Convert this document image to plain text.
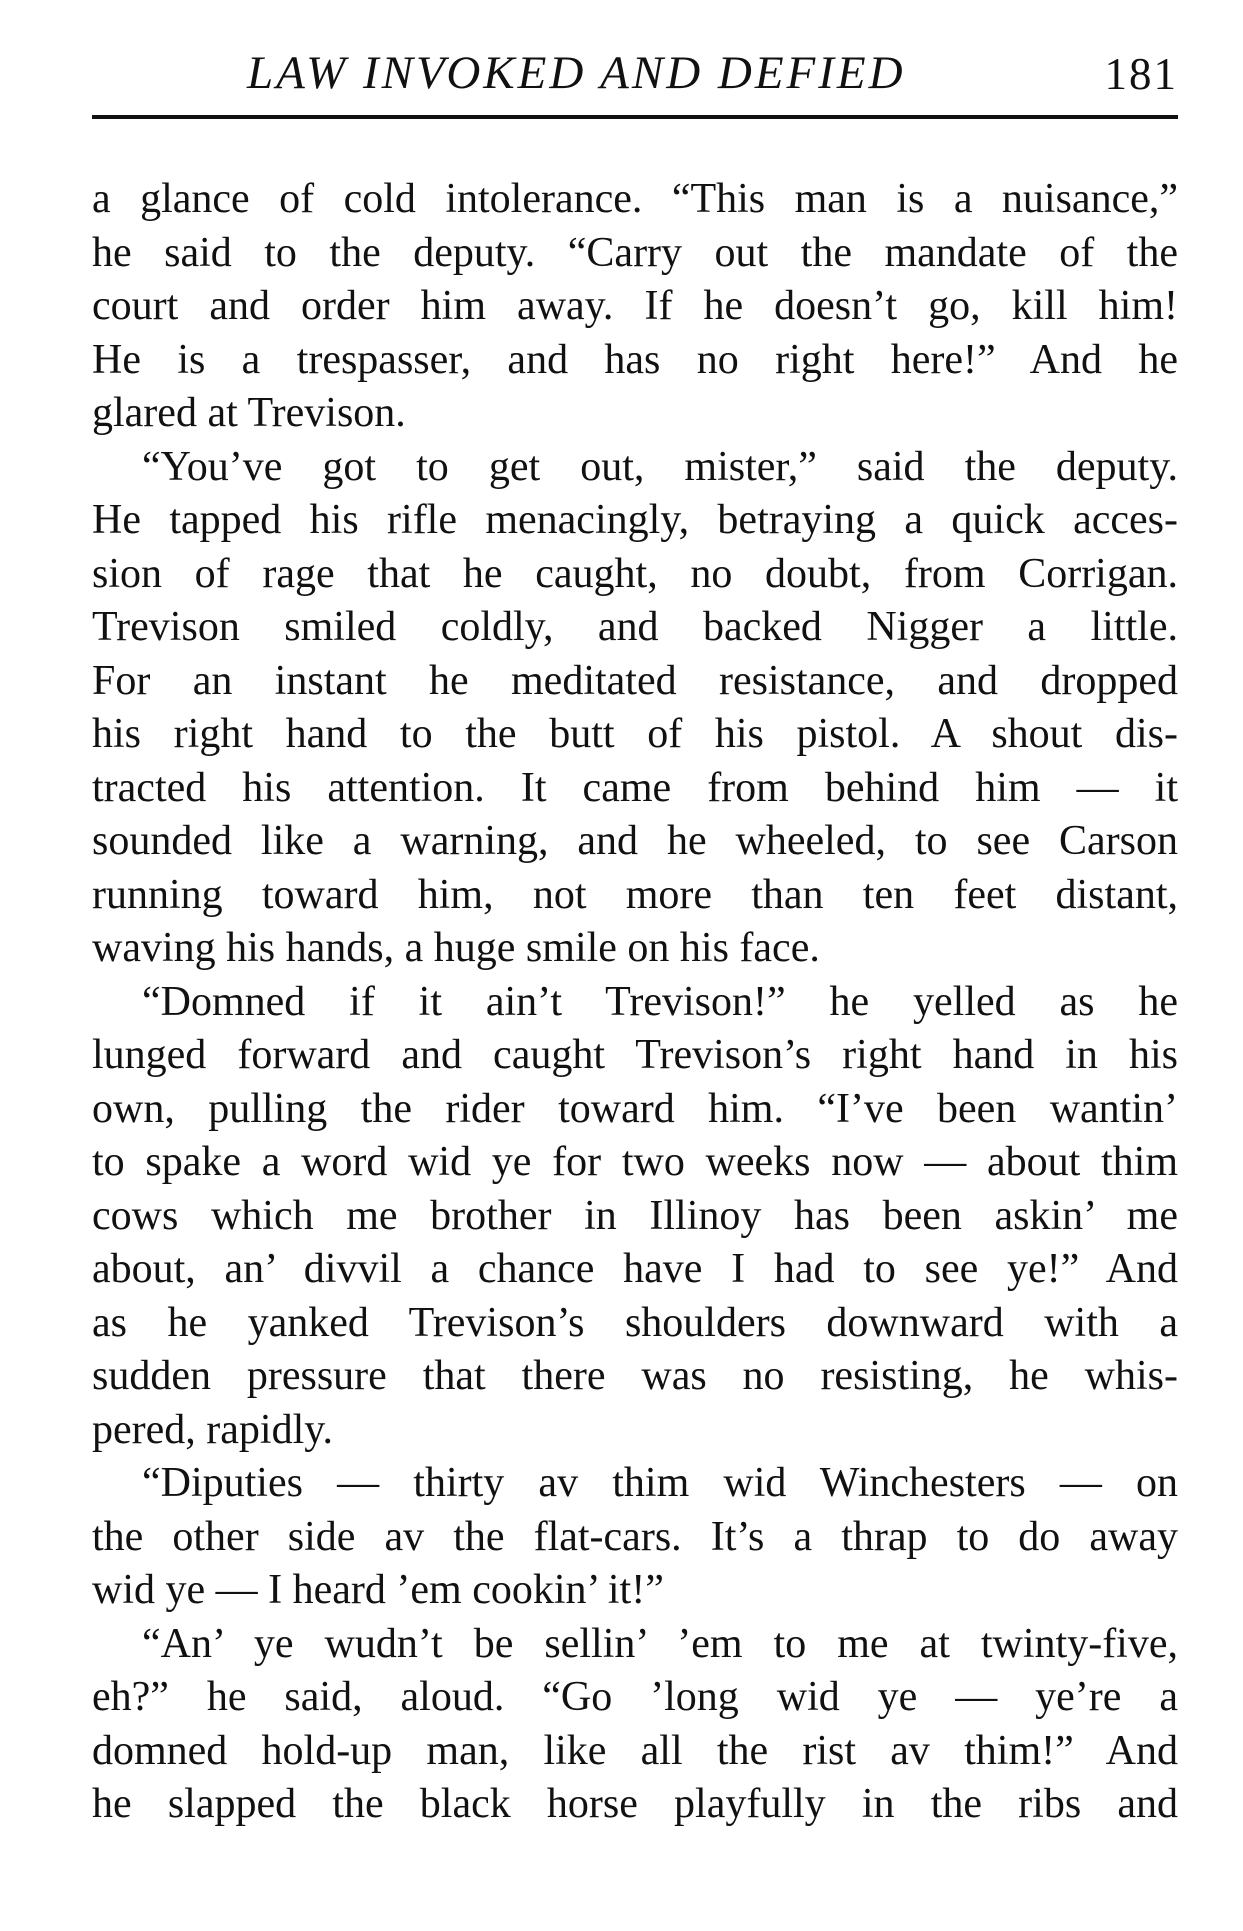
LAW INVOKED AND DEFIED	181
a glance of cold intolerance. “This man is a nuisance,”
he said to the deputy. “Carry out the mandate of the
court and order him away. If he doesn’t go, kill him!
He is a trespasser, and has no right here!” And he
glared at Trevison.
“You’ve got to get out, mister,” said the deputy.
He tapped his rifle menacingly, betraying a quick acces-
sion of rage that he caught, no doubt, from Corrigan.
Trevison smiled coldly, and backed Nigger a little.
For an instant he meditated resistance, and dropped
his right hand to the butt of his pistol. A shout dis-
tracted his attention. It came from behind him — it
sounded like a warning, and he wheeled, to see Carson
running toward him, not more than ten feet distant,
waving his hands, a huge smile on his face.
“Domned if it ain’t Trevison!” he yelled as he
lunged forward and caught Trevison’s right hand in his
own, pulling the rider toward him. “I’ve been wantin’
to spake a word wid ye for two weeks now — about thim
cows which me brother in Illinoy has been askin’ me
about, an’ divvil a chance have I had to see ye!” And
as he yanked Trevison’s shoulders downward with a
sudden pressure that there was no resisting, he whis-
pered, rapidly.
“Diputies — thirty av thim wid Winchesters — on
the other side av the flat-cars. It’s a thrap to do away
wid ye — I heard ’em cookin’ it!”
“An’ ye wudn’t be sellin’ ’em to me at twinty-five,
eh?” he said, aloud. “Go ’long wid ye — ye’re a
domned hold-up man, like all the rist av thim!” And
he slapped the black horse playfully in the ribs and
